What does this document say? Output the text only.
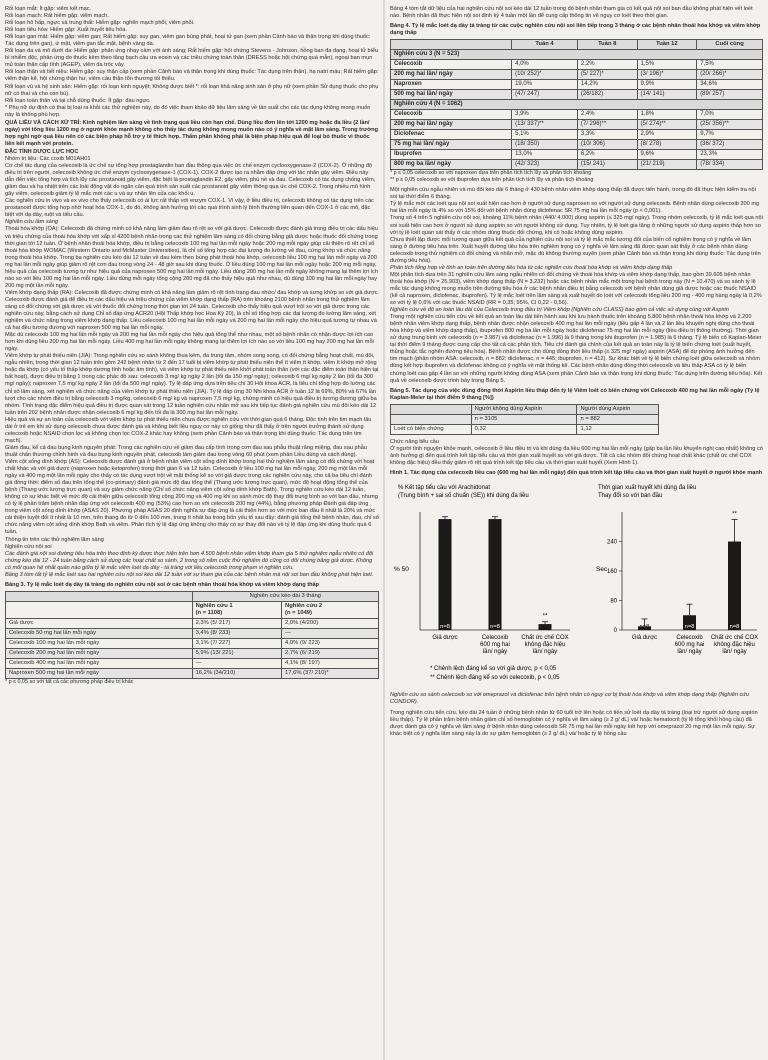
Rối loạn mắt: Ít gặp: viêm kết mạc.

Rối loạn mạch: Rất hiếm gặp: viêm mạch.

Rối loạn hô hấp, ngực và trung thất: Hiếm gặp: nghẽn mạch phổi, viêm phổi.

Rối loạn tiêu hóa: Hiếm gặp: Xuất huyết tiêu hóa.

Rối loạn gan mật: Hiếm gặp: viêm gan; Rất hiếm gặp: suy gan, viêm gan bùng phát, hoại tử gan (xem phần Cảnh báo và thận trọng khi dùng thuốc: Tác dụng trên gan), ứ mật, viêm gan tắc mật, bệnh vàng da.

Rối loạn da và mô dưới da: Hiếm gặp: phản ứng nhạy cảm với ánh sáng; Rất hiếm gặp: hội chứng Stevens - Johnson, hồng ban đa dạng, hoại tử biểu bì nhiễm độc, phản ứng do thuốc kèm theo tăng bạch cầu ưa eosin và các triệu chứng toàn thân (DRESS hoặc hội chứng quá mẫn), ngoại ban mụn mủ toàn thân cấp tính (AGEP), viêm da tróc vảy.

Rối loạn thận và tiết niệu: Hiếm gặp: suy thận cấp (xem phần Cảnh báo và thận trọng khi dùng thuốc: Tác dụng trên thận), hạ natri máu; Rất hiếm gặp: viêm thận kẽ, hội chứng thận hư, viêm cầu thận tổn thương tối thiểu.

Rối loạn vú và hệ sinh sản: Hiếm gặp: rối loạn kinh nguyệt; Không được biết *: rối loạn khả năng sinh sản ở phụ nữ (xem phần Sử dụng thuốc cho phụ nữ có thai và cho con bú).

Rối loạn toàn thân và tại chỗ dùng thuốc: Ít gặp: đau ngực.

* Phụ nữ dự định có thai bị loại ra khỏi các thử nghiệm này, do đó việc tham khảo dữ liệu lâm sàng về tần suất cho các tác dụng không mong muốn này là không phù hợp.

QUÁ LIỀU VÀ CÁCH XỬ TRÍ: Kinh nghiệm lâm sàng về tình trạng quá liều còn hạn chế. Dùng liều đơn lên tới 1200 mg hoặc đa liều (2 lần/ ngày) với tổng liều 1200 mg ở người khỏe mạnh không cho thấy tác dụng không mong muốn nào có ý nghĩa về mặt lâm sàng. Trong trường hợp nghi ngờ quá liều nên có các biện pháp hỗ trợ y tế thích hợp. Thẩm phân không phải là biện pháp hiệu quả để loại bỏ thuốc vì thuốc liên kết mạnh với protein.

ĐẶC TÍNH DƯỢC LỰC HỌC

Nhóm trị liệu: Các coxib M01AH01

Cơ chế tác dụng của celecoxib là ức chế sự tổng hợp prostaglandin ban đầu thông qua việc ức chế enzym cyclooxygenase-2 (COX-2). Ở những độ điều trị trên người, celecoxib không ức chế enzym cyclooxygenase-1 (COX-1). COX-2 được tạo ra nhằm đáp ứng với tác nhân gây viêm. Điều này dẫn đến việc tổng hợp và tích lũy các prostanoid gây viêm, đặc biệt là prostaglandin E2, gây viêm, phù nề và đau. Celecoxib có tác dụng chống viêm, giảm đau và hạ nhiệt trên các loài động vật do ngăn cản quá trình sản xuất các prostanoid gây viêm thông qua ức chế COX-2. Trong nhiều mô hình gây viêm, celecoxib giảm tỷ lệ mắc mới các u và sự nhân lên của các khối u.

Các nghiên cứu in vivo và ex vivo cho thấy celecoxib có ái lực rất thấp với enzym COX-1. Vì vậy, ở liều điều trị, celecoxib không có tác dụng trên các prostanoid được tổng hợp nhờ hoạt hóa COX-1, do đó, không ảnh hưởng tới các quá trình sinh lý bình thường liên quan đến COX-1 ở các mô, đặc biệt với dạ dày, ruột và tiểu cầu.

Nghiên cứu lâm sàng

Thoái hóa khớp (OA): Celecoxib đã chứng minh có khả năng làm giảm đau rõ rệt so với giả dược. Celecoxib được đánh giá trong điều trị các dấu hiệu và triệu chứng của thoái hóa khớp với xấp xỉ 4200 bệnh nhân trong các thử nghiệm lâm sàng có đối chứng bằng giả dược hoặc thuốc đối chứng trong thời gian tới 12 tuần. Ở bệnh nhân thoái hóa khớp, điều trị bằng celecoxib 100 mg hai lần mỗi ngày hoặc 200 mg mỗi ngày giúp cải thiện rõ rệt chỉ số thoái hóa khớp WOMAC (Western Ontario and McMaster Universities), là chỉ số tổng hợp các đại lượng đo lường về đau, cứng khớp và chức năng trong thoái hóa khớp. Trong ba nghiên cứu kéo dài 12 tuần về đau kèm theo bùng phát thoái hóa khớp, celecoxib liều 100 mg hai lần mỗi ngày và 200 mg hai lần mỗi ngày giúp giảm rõ rệt cơn đau trong vòng 24 - 48 giờ sau khi dùng thuốc. Ở liều dùng 100 mg hai lần mỗi ngày hoặc 200 mg mỗi ngày, hiệu quả của celecoxib tương tự như hiệu quả của naproxen 500 mg hai lần mỗi ngày. Liều dùng 200 mg hai lần mỗi ngày không mang lại thêm lợi ích nào so với liều 100 mg hai lần mỗi ngày. Liều dùng mỗi ngày tổng cộng 200 mg đã cho thấy hiệu quả như nhau, dù dùng 100 mg hai lần mỗi ngày hay 200 mg một lần mỗi ngày.

Viêm khớp dạng thấp (RA): Celecoxib đã được chứng minh có khả năng làm giảm rõ rệt tình trạng đau nhức/ đau khớp và sưng khớp so với giả dược. Celecoxib được đánh giá để điều trị các dấu hiệu và triệu chứng của viêm khớp dạng thấp (RA) trên khoảng 2100 bệnh nhân trong thử nghiệm lâm sàng có đối chứng với giả dược và với thuốc đối chứng trong thời gian tới 24 tuần. Celecoxib cho thấy hiệu quả vượt trội so với giả dược trong các nghiên cứu này, bằng cách sử dụng Chỉ số đáp ứng ACR20 (Hội Thấp khớp học Hoa Kỳ 20), là chỉ số tổng hợp các đại lượng đo lường lâm sàng, xét nghiệm và chức năng trong viêm khớp dạng thấp. Liều celecoxib 100 mg hai lần mỗi ngày và 200 mg hai lần mỗi ngày cho hiệu quả tương tự nhau và cả hai đều tương đương với naproxen 500 mg hai lần mỗi ngày.

Mặc dù celecoxib 100 mg hai lần mỗi ngày và 200 mg hai lần mỗi ngày cho hiệu quả tổng thể như nhau, một số bệnh nhân có nhận được lợi ích cao hơn khi dùng liều 200 mg hai lần mỗi ngày. Liều 400 mg hai lần mỗi ngày không mang lại thêm lợi ích nào so với liều 100 mg hay 200 mg hai lần mỗi ngày.

Viêm khớp tự phát thiếu niên (JIA): Trong nghiên cứu so sánh không thua kém, đa trung tâm, nhóm song song, có đối chứng bằng hoạt chất, mù đôi, ngẫu nhiên, trong thời gian 12 tuần trên gồm 242 bệnh nhân từ 2 đến 17 tuổi bị viêm khớp tự phát thiếu niên thể ít viêm ít khớp, viêm ít khớp mở rộng hoặc đa khớp (có yếu tố thấp khớp dương tính hoặc âm tính), và viêm khớp tự phát thiếu niên khởi phát toàn thân (với các đặc điểm toàn thân hiện tại bất hoạt), được điều trị bằng 1 trong các phác đồ sau: celecoxib 3 mg/ kg ngày 2 lần (tối đa 150 mg/ ngày); celecoxib 6 mg/ kg ngày 2 lần (tối đa 300 mg/ ngày); naproxen 7,5 mg/ kg ngày 2 lần (tối đa 500 mg/ ngày). Tỷ lệ đáp ứng dựa trên tiêu chí 30 Hội khoa ACR, là tiêu chí tổng hợp đo lường các chỉ số lâm sàng, xét nghiệm và chức năng của viêm khớp tự phát thiếu niên (JIA). Tỷ lệ đáp ứng 30 Nhi khoa ACR ở tuần 12 là 69%, 80% và 67% lần lượt cho các nhóm điều trị bằng celecoxib 3 mg/kg, celecoxib 6 mg/ kg và naproxen 7,5 mg/ kg, chứng minh có hiệu quả điều trị tương đương giữa ba nhóm. Tình trạng đặc điểm hiệu quả điều trị được quan sát trong 12 tuần nghiên cứu nhãn mở sau khi tiếp tục đánh giá nghiên cứu mù đôi kéo dài 12 tuần trên 202 bệnh nhân được nhận celecoxib 6 mg/ kg đến tối đa là 300 mg hai lần mỗi ngày.

Hiệu quả và sự an toàn của celecoxib với viêm khớp tự phát thiếu niên chưa được nghiên cứu với thời gian quá 6 tháng. Độc tính trên tim mạch lâu dài ở trẻ em khi sử dụng celecoxib chưa được đánh giá và không biết liệu nguy cơ này có giống như đã thấy ở trên người trưởng thành sử dụng celecoxib hoặc NSAID chọn lọc và không chọn lọc COX-2 khác hay không (xem phần Cảnh báo và thận trọng khi dùng thuốc: Tác dụng trên tim mạch).

Giảm đau, kể cả đau bụng kinh nguyên phát: Trong các nghiên cứu về giảm đau cấp tính trong cơn đau sau phẫu thuật răng miệng, đau sau phẫu thuật chấn thương chỉnh hình và đau bụng kinh nguyên phát, celecoxib làm giảm đau trong vòng 60 phút (xem phần Liều dùng và cách dùng).

Viêm cột sống dính khớp (AS): Celecoxib được đánh giá ở bệnh nhân viêm cột sống dính khớp trong hai thử nghiệm lâm sàng có đối chứng với hoạt chất khác và với giả dược (naproxen hoặc ketoprofen) trong thời gian 6 và 12 tuần. Celecoxib ở liều 100 mg hai lần mỗi ngày, 200 mg một lần mỗi ngày và 400 mg một lần mỗi ngày cho thấy có tác dụng vượt trội về mặt thống kê so với giả dược trong các nghiên cứu này, cho cả ba tiêu chí đánh giá đồng thời: điểm số đau trên tổng thể (co-primary) đánh giá mức độ đau tổng thể (Thang ước lượng trực quan), mức độ hoạt động tổng thể của bệnh (Thang ước lượng trực quan) và suy giảm chức năng (Chỉ số chức năng viêm cột sống dính khớp Bath). Trong nghiên cứu kéo dài 12 tuần, không có sự khác biệt về mức độ cải thiện giữa celecoxib tổng cộng 200 mg và 400 mg khi so sánh mức độ thay đổi trung bình so với ban đầu, nhưng có tỷ lệ phần trăm bệnh nhân đáp ứng với celecoxib 400 mg (53%) cao hơn so với celecoxib 200 mg (44%), bằng phương pháp Đánh giá đáp ứng trong viêm cột sống dính khớp (ASAS 20). Phương pháp ASAS 20 định nghĩa sự đáp ứng là cải thiện hơn so với mức ban đầu ít nhất là 20% và mức cải thiện tuyệt đối ít nhất là 10 mm, trên thang đo từ 0 đến 100 mm, trong ít nhất ba trong bốn yếu tố sau đây: đánh giá tổng thể bệnh nhân, đau, chỉ số chức năng viêm cột sống dính khớp Bath và viêm. Phân tích tỷ lệ đáp ứng không cho thấy có sự thay đổi nào về tỷ lệ đáp ứng khi dùng thuốc quá 6 tuần.

Thông tin trên các thử nghiệm lâm sàng

Nghiên cứu nội soi

Các đánh giá nội soi đường tiêu hóa trên theo định kỳ được thực hiện trên hơn 4.500 bệnh nhân viêm khớp tham gia 5 thử nghiệm ngẫu nhiên có đối chứng kéo dài 12 - 24 tuần bằng cách sử dụng các hoạt chất so sánh, 2 trong số nằm cuộc thử nghiệm đó cũng có đối chứng bằng giả dược. Không có mối quan hệ nhất quán nào giữa tỷ lệ mắc viêm loét dạ dày - tá tràng với liều celecoxib trong phạm vi nghiên cứu.

Bảng 3 tóm tắt tỷ lệ mắc loét sau hai nghiên cứu nội soi kéo dài 12 tuần với sự tham gia của các bệnh nhân mà nội soi ban đầu không phát hiện loét.

Bảng 3. Tỷ lệ mắc loét dạ dày tá tràng do nghiên cứu nội soi ở các bệnh nhân thoái hóa khớp và viêm khớp dạng thấp

	Nghiên cứu kéo dài 3 tháng	
	Nghiên cứu 1
(n = 1108)	Nghiên cứu 2
(n = 1049)
Giả dược	2,3% (5/ 217)	2,0% (4/200)
Celecoxib 50 mg hai lần mỗi ngày	3,4% (8/ 233)	—
Celecoxib 100 mg hai lần mỗi ngày	3,1% (7/ 227)	4,0% (9/ 223)
Celecoxib 200 mg hai lần mỗi ngày	5,9% (13/ 221)	2,7% (6/ 219)
Celecoxib 400 mg hai lần mỗi ngày	—	4,1% (8/ 197)
Naproxen 500 mg hai lần mỗi ngày	16,2% (34/210)	17,6% (37/ 210)*

* p ≤ 0,05 so với tất cả các phương pháp điều trị khác

Bảng 4 tóm tắt dữ liệu của hai nghiên cứu nội soi kéo dài 12 tuần trong đó bệnh nhân tham gia có kết quả nội soi ban đầu không phát hiện vết loét nào. Bệnh nhân đã thực hiện nội soi định kỳ 4 tuần một lần để cung cấp thông tin về nguy cơ loét theo thời gian.

Bảng 4. Tỷ lệ mắc loét dạ dày tá tràng từ các cuộc nghiên cứu nội soi liên tiếp trong 3 tháng ở các bệnh nhân thoái hóa khớp và viêm khớp dạng thấp

	Tuần 4	Tuần 8	Tuần 12	Cuối cùng
Nghiên cứu 3 (N = 523)				
Celecoxib	4,0%	2,2%	1,5%	7,5%
200 mg hai lần/ ngày	(10/ 252)*	(5/ 227)*	(3/ 196)*	(20/ 266)*
Naproxen	19,0%	14,2%	9,9%	34,6%
500 mg hai lần/ ngày	(47/ 247)	(26/182)	(14/ 141)	(89/ 257)
Nghiên cứu 4 (N = 1062)				
Celecoxib	3,9%	2,4%	1,8%	7,0%
200 mg hai lần/ ngày	(13/ 337)**	(7/ 296)**	(5/ 274)**	(25/ 356)**
Diclofenac	5,1%	3,3%	2,9%	9,7%
75 mg hai lần/ ngày	(18/ 350)	(10/ 306)	(8/ 278)	(36/ 372)
Ibuprofen	13,0%	6,2%	9,6%	23,3%
800 mg ba lần/ ngày	(42/ 323)	(15/ 241)	(21/ 219)	(78/ 334)

* p ≤ 0,05 celecoxib so với naproxen dựa trên phân tích tích lũy và phân tích khoảng

** p ≤ 0,05 celecoxib so với ibuprofen dựa trên phân tích tích lũy và phân tích khoảng

Một nghiên cứu ngẫu nhiên và mù đôi kéo dài 6 tháng ở 430 bệnh nhân viêm khớp dạng thấp đã được tiến hành, trong đó đã thực hiện kiểm tra nội soi tại thời điểm 6 tháng.

Tỷ lệ mắc mới các loét qua nội soi xuất hiện cao hơn ở người sử dụng naproxen so với người sử dụng celecoxib. Bệnh nhân dùng celecoxib 200 mg hai lần mỗi ngày là 4% so với 15% đối với bệnh nhân dùng diclofenac SR 75 mg hai lần mỗi ngày (p < 0,001).

Trong số 4 trên 5 nghiên cứu nội soi, khoảng 11% bệnh nhân (440/ 4.000) dùng aspirin (≤ 325 mg/ ngày). Trong nhóm celecoxib, tỷ lệ mắc loét qua nội soi xuất hiện cao hơn ở người sử dụng aspirin so với người không sử dụng. Tuy nhiên, tỷ lệ loét gia tăng ở những người sử dụng aspirin thấp hơn so với tỷ lệ loét quan sát thấy ở các nhóm dùng thuốc đối chứng, khi có hoặc không dùng aspirin.

Chưa thiết lập được mối tương quan giữa kết quả của nghiên cứu nội soi và tỷ lệ mắc mắc tương đối của biến cố nghiêm trọng có ý nghĩa về lâm sàng ở đường tiêu hóa trên. Xuất huyết đường tiêu hóa trên nghiêm trọng có ý nghĩa về lâm sàng đã được quan sát thấy ở các bệnh nhân dùng celecoxib trong thử nghiệm có đối chứng và nhãn mở, mặc dù không thường xuyên (xem phần Cảnh báo và thận trọng khi dùng thuốc: Tác dụng trên đường tiêu hóa).

Phân tích tổng hợp về tính an toàn trên đường tiêu hóa từ các nghiên cứu thoái hóa khớp và viêm khớp dạng thấp

Một phân tích dựa trên 31 nghiên cứu lâm sàng ngẫu nhiên có đối chứng về thoái hóa khớp và viêm khớp dạng thấp, bao gồm 39.605 bệnh nhân thoái hóa khớp (N = 25.903), viêm khớp dạng thấp (N = 3.232) hoặc các bệnh nhân mắc một trong hai bệnh trong này (N = 10.470) và so sánh tỷ lệ mắc tác dụng không mong muốn trên đường tiêu hóa ở các bệnh nhân điều trị bằng celecoxib với bệnh nhân dùng giả dược hoặc các thuốc NSAID (kể cả naproxen, diclofenac, ibuprofen). Tỷ lệ mắc loét trên lâm sàng và xuất huyết do loét với celecoxib tổng liều 200 mg - 400 mg hàng ngày là 0,2% so với tỷ lệ 0,6% với các thuốc NSAID (RR = 0,35; 95%, CI 0,22 - 0,56).

Nghiên cứu về độ an toàn lâu dài của Celecoxib trong điều trị Viêm khớp (Nghiên cứu CLASS) bao gồm cả việc sử dụng cùng với Aspirin

Trong một nghiên cứu tiến cứu về kết quả an toàn lâu dài tiến hành sau khi lưu hành thuốc trên khoảng 5.800 bệnh nhân thoái hóa khớp và 2.200 bệnh nhân viêm khớp dạng thấp, bệnh nhân được nhận celecoxib 400 mg hai lần mỗi ngày (liều gấp 4 lần và 2 lần liều khuyến nghị dùng cho thoái hóa khớp và viêm khớp dạng thấp), ibuprofen 800 mg ba lần mỗi ngày hoặc diclofenac 75 mg hai lần mỗi ngày (liều điều trị thông thường). Thời gian sử dụng trung bình với celecoxib (n = 3.987) và diclofenac (n = 1.996) là 9 tháng trong khi ibuprofen (n = 1.985) là 6 tháng. Tỷ lệ biến cố Kaplan-Meier tại thời điểm 9 tháng được cung cấp cho tất cả các phân tích. Tiêu chí đánh giá chính của kết quả an toàn này là tỷ lệ biến chứng loét (xuất huyết, thủng hoặc tắc nghẽn đường tiêu hóa). Bệnh nhân được cho dùng đồng thời liều thấp (≤ 325 mg/ ngày) aspirin (ASA) để dự phòng ảnh hưởng đến tim mạch (phân nhóm ASA: celecoxib, n = 882; diclofenac, n = 445; ibuprofen, n = 412). Sự khác biệt về tỷ lệ biến chứng loét giữa celecoxib và nhóm dùng kết hợp ibuprofen và diclofenac không có ý nghĩa về mặt thống kê. Các bệnh nhân dùng đồng thời celecoxib và liều thấp ASA có tỷ lệ biến chứng loét cao gấp 4 lần so với những người không dùng ASA (xem phần Cảnh báo và thận trọng khi dùng thuốc: Tác dụng trên đường tiêu hóa). Kết quả về celecoxib được trình bày trong Bảng 5.

Bảng 5. Tác dụng của việc dùng đồng thời Aspirin liều thấp đến tỷ lệ Viêm loét có biến chứng với Celecoxib 400 mg hai lần mỗi ngày (Tỷ lệ Kaplan-Meier tại thời điểm 9 tháng [%])

	Người không dùng Aspirin	Người dùng Aspirin
	n = 3105	n = 882
Loét có biến chứng	0,32	1,12

Chức năng tiểu cầu

Ở người tình nguyện khỏe mạnh, celecoxib ở liều điều trị và khi dùng đa liều 600 mg hai lần mỗi ngày (gấp ba lần liều khuyến nghị cao nhất) không có ảnh hưởng gì đến quá trình kết tập tiểu cầu và thời gian xuất huyết so với giả dược. Tất cả các nhóm đối chứng hoạt chất khác (chất ức chế COX không đặc hiệu) đều thấy giảm rõ rệt quá trình kết tập tiểu cầu và thời gian xuất huyết (Xem Hình 1).

Hình 1. Tác dụng của celecoxib liều cao (600 mg hai lần mỗi ngày) đến quá trình kết tập tiểu cầu và thời gian xuất huyết ở người khỏe mạnh

% Kết tập tiểu cầu với Arachidonat
(Trung bình + sai số chuẩn (SE)) khi dùng đa liều
Thời gian xuất huyết khi dùng đa liều
Thay đổi so với ban đầu
% 50
n=8
Giả dược
n=8
Celecoxib
600 mg hai
lần/ ngày
**
n=8
Chất ức chế COX
không đặc hiệu
lần/ ngày
Sec
240
160
80
0
n=8
Giả dược
n=8
Celecoxib
600 mg hai
lần/ ngày
**
n=8
Chất ức chế COX
không đặc hiệu
lần/ ngày
* Chênh lệch đáng kể so với giả dược, p < 0,05
** Chênh lệch đáng kể so với celecoxib, p < 0,05

Nghiên cứu so sánh celecoxib so với omeprazol và diclofenac trên bệnh nhân có nguy cơ bị thoái hóa khớp và viêm khớp dạng thấp (Nghiên cứu CONDOR).

Trong nghiên cứu tiến cứu, kéo dài 24 tuần ở những bệnh nhân từ 60 tuổi trở lên hoặc có tiền sử loét dạ dày tá tràng (loại trừ người sử dụng aspirin liều thấp). Tỷ lệ phần trăm bệnh nhân giảm chỉ số hemoglobin có ý nghĩa về lâm sàng (≥ 2 g/ dL) và/ hoặc hematocrit (tỷ lệ tổng khối hồng cầu) đã được đánh giá có ý nghĩa về lâm sàng ở bệnh nhân dùng celecoxib SR 75 mg hai lần mỗi ngày kết hợp với omeprazol 20 mg một lần mỗi ngày. Sự khác biệt có ý nghĩa lâm sàng này là do sự giảm hemoglobin (≥ 2 g/ dL) và/ hoặc tỷ lệ hồng cầu
